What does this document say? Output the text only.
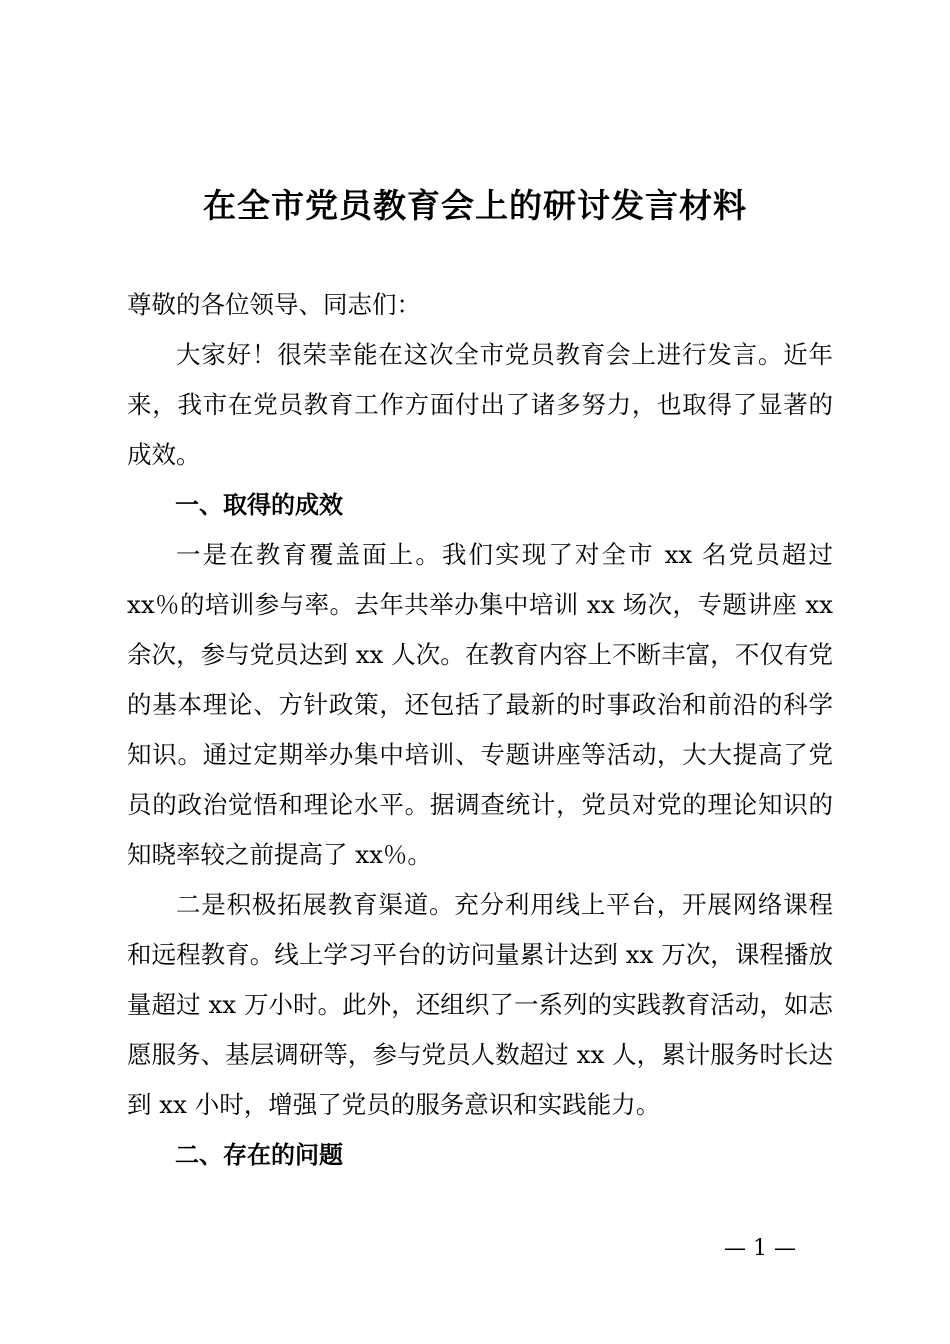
在全市党员教育会上的研讨发言材料

尊敬的各位领导、同志们：

大家好！很荣幸能在这次全市党员教育会上进行发言。近年来，我市在党员教育工作方面付出了诸多努力，也取得了显著的成效。

一、取得的成效

一是在教育覆盖面上。我们实现了对全市 xx 名党员超过 xx％的培训参与率。去年共举办集中培训 xx 场次，专题讲座 xx 余次，参与党员达到 xx 人次。在教育内容上不断丰富，不仅有党的基本理论、方针政策，还包括了最新的时事政治和前沿的科学知识。通过定期举办集中培训、专题讲座等活动，大大提高了党员的政治觉悟和理论水平。据调查统计，党员对党的理论知识的知晓率较之前提高了 xx％。

二是积极拓展教育渠道。充分利用线上平台，开展网络课程和远程教育。线上学习平台的访问量累计达到 xx 万次，课程播放量超过 xx 万小时。此外，还组织了一系列的实践教育活动，如志愿服务、基层调研等，参与党员人数超过 xx 人，累计服务时长达到 xx 小时，增强了党员的服务意识和实践能力。

二、存在的问题

— 1 —
